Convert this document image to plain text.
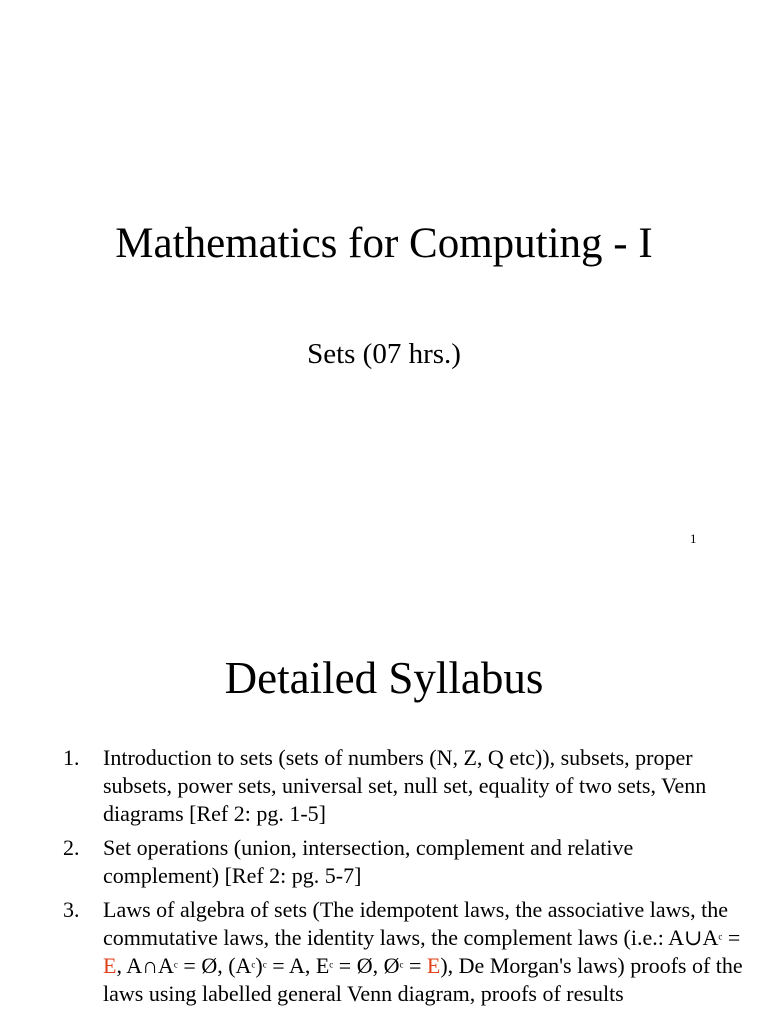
Mathematics for Computing - I
Sets (07 hrs.)
1
Detailed Syllabus
1. Introduction to sets (sets of numbers (N, Z, Q etc)), subsets, proper subsets, power sets, universal set, null set, equality of two sets, Venn diagrams [Ref 2: pg. 1-5]
2. Set operations (union, intersection, complement and relative complement) [Ref 2: pg. 5-7]
3. Laws of algebra of sets (The idempotent laws, the associative laws, the commutative laws, the identity laws, the complement laws (i.e.: $A\cup A^c = E$, $A\cap A^c$ = Ø, $(A^c)^c = A$, $E^c$ = Ø, $Ø^c = E$), De Morgan's laws) proofs of the laws using labelled general Venn diagram, proofs of results
